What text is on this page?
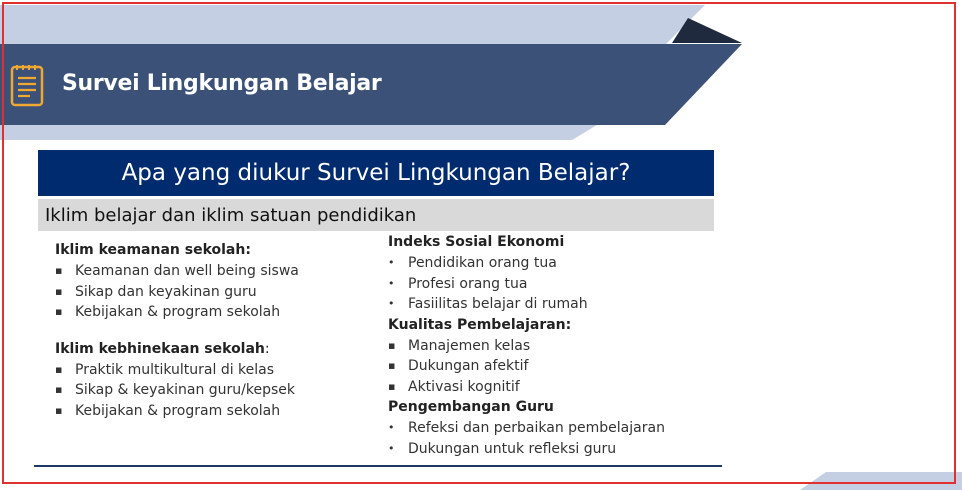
Survei Lingkungan Belajar
Apa yang diukur Survei Lingkungan Belajar?
Iklim belajar dan iklim satuan pendidikan
Iklim keamanan sekolah:
▪ Keamanan dan well being siswa
▪ Sikap dan keyakinan guru
▪ Kebijakan & program sekolah
Iklim kebhinekaan sekolah:
▪ Praktik multikultural di kelas
▪ Sikap & keyakinan guru/kepsek
▪ Kebijakan & program sekolah
Indeks Sosial Ekonomi
• Pendidikan orang tua
• Profesi orang tua
• Fasiilitas belajar di rumah
Kualitas Pembelajaran:
▪ Manajemen kelas
▪ Dukungan afektif
▪ Aktivasi kognitif
Pengembangan Guru
• Refeksi dan perbaikan pembelajaran
• Dukungan untuk refleksi guru
